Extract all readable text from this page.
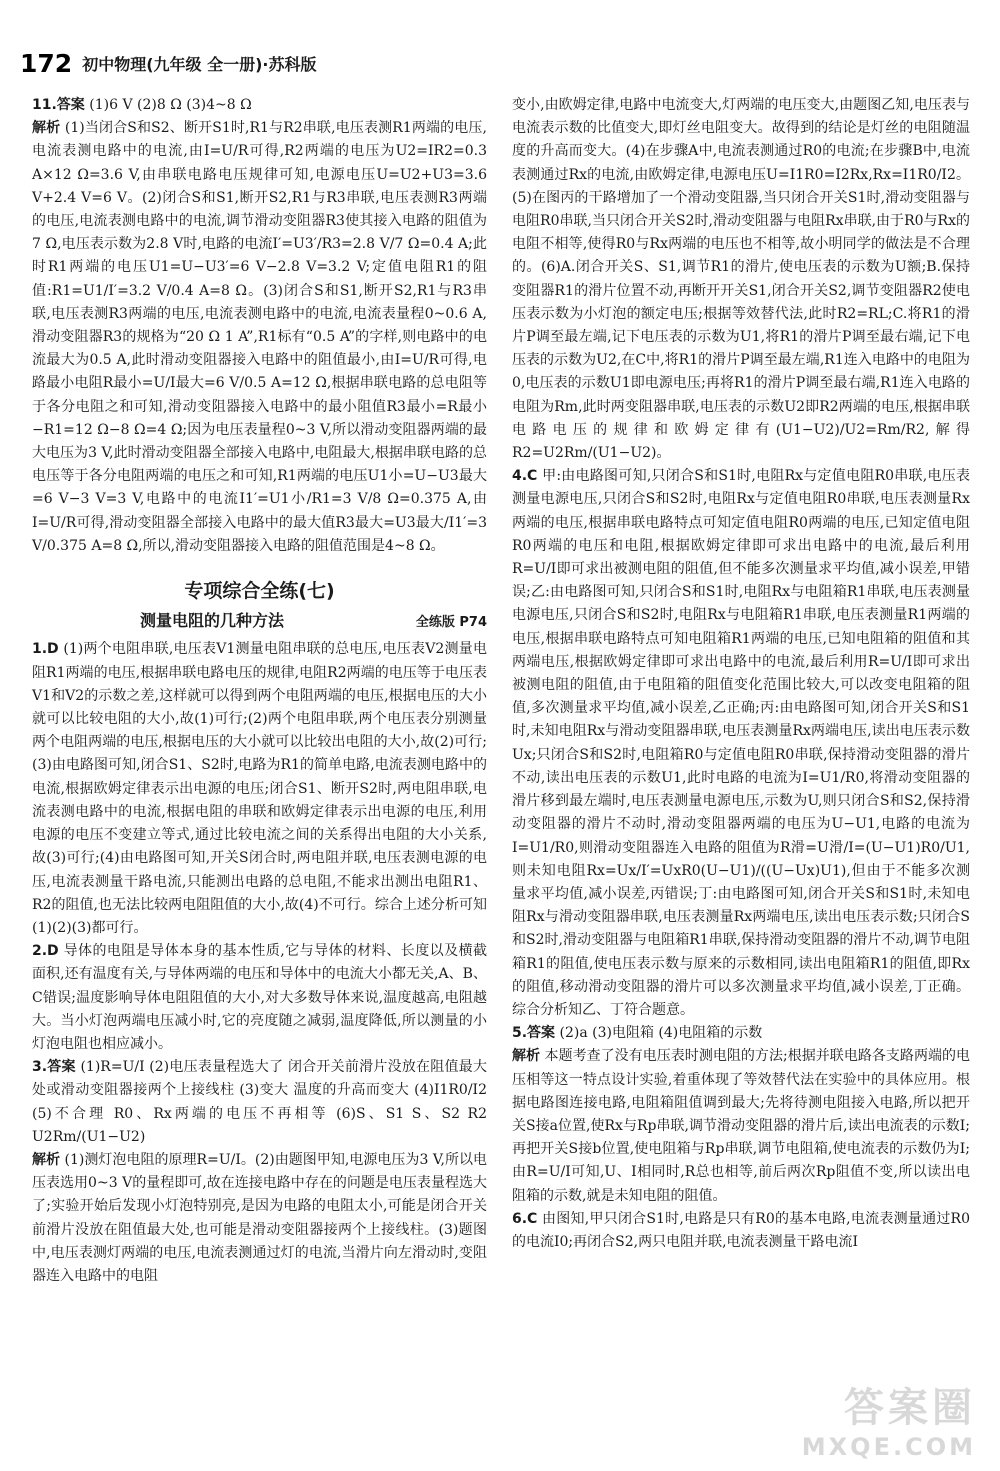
172 初中物理(九年级 全一册)·苏科版

11.答案 (1)6 V (2)8 Ω (3)4~8 Ω

解析 (1)当闭合S和S2、断开S1时,R1与R2串联,电压表测R1两端的电压,电流表测电路中的电流,由I=U/R可得,R2两端的电压为U2=IR2=0.3 A×12 Ω=3.6 V,由串联电路电压规律可知,电源电压U=U2+U3=3.6 V+2.4 V=6 V。(2)闭合S和S1,断开S2,R1与R3串联,电压表测R3两端的电压,电流表测电路中的电流,调节滑动变阻器R3使其接入电路的阻值为7 Ω,电压表示数为2.8 V时,电路的电流I′=U3′/R3=2.8 V/7 Ω=0.4 A;此时R1两端的电压U1=U−U3′=6 V−2.8 V=3.2 V;定值电阻R1的阻值:R1=U1/I′=3.2 V/0.4 A=8 Ω。(3)闭合S和S1,断开S2,R1与R3串联,电压表测R3两端的电压,电流表测电路中的电流,电流表量程0~0.6 A,滑动变阻器R3的规格为“20 Ω 1 A”,R1标有“0.5 A”的字样,则电路中的电流最大为0.5 A,此时滑动变阻器接入电路中的阻值最小,由I=U/R可得,电路最小电阻R最小=U/I最大=6 V/0.5 A=12 Ω,根据串联电路的总电阻等于各分电阻之和可知,滑动变阻器接入电路中的最小阻值R3最小=R最小−R1=12 Ω−8 Ω=4 Ω;因为电压表量程0~3 V,所以滑动变阻器两端的最大电压为3 V,此时滑动变阻器全部接入电路中,电阻最大,根据串联电路的总电压等于各分电阻两端的电压之和可知,R1两端的电压U1小=U−U3最大=6 V−3 V=3 V,电路中的电流I1′=U1小/R1=3 V/8 Ω=0.375 A,由I=U/R可得,滑动变阻器全部接入电路中的最大值R3最大=U3最大/I1′=3 V/0.375 A=8 Ω,所以,滑动变阻器接入电路的阻值范围是4~8 Ω。

专项综合全练(七)
测量电阻的几种方法	全练版 P74

1.D (1)两个电阻串联,电压表V1测量电阻串联的总电压,电压表V2测量电阻R1两端的电压,根据串联电路电压的规律,电阻R2两端的电压等于电压表V1和V2的示数之差,这样就可以得到两个电阻两端的电压,根据电压的大小就可以比较电阻的大小,故(1)可行;(2)两个电阻串联,两个电压表分别测量两个电阻两端的电压,根据电压的大小就可以比较出电阻的大小,故(2)可行;(3)由电路图可知,闭合S1、S2时,电路为R1的简单电路,电流表测电路中的电流,根据欧姆定律表示出电源的电压;闭合S1、断开S2时,两电阻串联,电流表测电路中的电流,根据电阻的串联和欧姆定律表示出电源的电压,利用电源的电压不变建立等式,通过比较电流之间的关系得出电阻的大小关系,故(3)可行;(4)由电路图可知,开关S闭合时,两电阻并联,电压表测电源的电压,电流表测量干路电流,只能测出电路的总电阻,不能求出测出电阻R1、R2的阻值,也无法比较两电阻阻值的大小,故(4)不可行。综合上述分析可知(1)(2)(3)都可行。

2.D 导体的电阻是导体本身的基本性质,它与导体的材料、长度以及横截面积,还有温度有关,与导体两端的电压和导体中的电流大小都无关,A、B、C错误;温度影响导体电阻阻值的大小,对大多数导体来说,温度越高,电阻越大。当小灯泡两端电压减小时,它的亮度随之减弱,温度降低,所以测量的小灯泡电阻也相应减小。

3.答案 (1)R=U/I (2)电压表量程选大了 闭合开关前滑片没放在阻值最大处或滑动变阻器接两个上接线柱 (3)变大 温度的升高而变大 (4)I1R0/I2 (5)不合理 R0、Rx两端的电压不再相等 (6)S、S1 S、S2 R2 U2Rm/(U1−U2)

解析 (1)测灯泡电阻的原理R=U/I。(2)由题图甲知,电源电压为3 V,所以电压表选用0~3 V的量程即可,故在连接电路中存在的问题是电压表量程选大了;实验开始后发现小灯泡特别亮,是因为电路的电阻太小,可能是闭合开关前滑片没放在阻值最大处,也可能是滑动变阻器接两个上接线柱。(3)题图中,电压表测灯两端的电压,电流表测通过灯的电流,当滑片向左滑动时,变阻器连入电路中的电阻

变小,由欧姆定律,电路中电流变大,灯两端的电压变大,由题图乙知,电压表与电流表示数的比值变大,即灯丝电阻变大。故得到的结论是灯丝的电阻随温度的升高而变大。(4)在步骤A中,电流表测通过R0的电流;在步骤B中,电流表测通过Rx的电流,由欧姆定律,电源电压U=I1R0=I2Rx,Rx=I1R0/I2。(5)在图丙的干路增加了一个滑动变阻器,当只闭合开关S1时,滑动变阻器与电阻R0串联,当只闭合开关S2时,滑动变阻器与电阻Rx串联,由于R0与Rx的电阻不相等,使得R0与Rx两端的电压也不相等,故小明同学的做法是不合理的。(6)A.闭合开关S、S1,调节R1的滑片,使电压表的示数为U额;B.保持变阻器R1的滑片位置不动,再断开开关S1,闭合开关S2,调节变阻器R2使电压表示数为小灯泡的额定电压;根据等效替代法,此时R2=RL;C.将R1的滑片P调至最左端,记下电压表的示数为U1,将R1的滑片P调至最右端,记下电压表的示数为U2,在C中,将R1的滑片P调至最左端,R1连入电路中的电阻为0,电压表的示数U1即电源电压;再将R1的滑片P调至最右端,R1连入电路的电阻为Rm,此时两变阻器串联,电压表的示数U2即R2两端的电压,根据串联电路电压的规律和欧姆定律有(U1−U2)/U2=Rm/R2,解得R2=U2Rm/(U1−U2)。

4.C 甲:由电路图可知,只闭合S和S1时,电阻Rx与定值电阻R0串联,电压表测量电源电压,只闭合S和S2时,电阻Rx与定值电阻R0串联,电压表测量Rx两端的电压,根据串联电路特点可知定值电阻R0两端的电压,已知定值电阻R0两端的电压和电阻,根据欧姆定律即可求出电路中的电流,最后利用R=U/I即可求出被测电阻的阻值,但不能多次测量求平均值,减小误差,甲错误;乙:由电路图可知,只闭合S和S1时,电阻Rx与电阻箱R1串联,电压表测量电源电压,只闭合S和S2时,电阻Rx与电阻箱R1串联,电压表测量R1两端的电压,根据串联电路特点可知电阻箱R1两端的电压,已知电阻箱的阻值和其两端电压,根据欧姆定律即可求出电路中的电流,最后利用R=U/I即可求出被测电阻的阻值,由于电阻箱的阻值变化范围比较大,可以改变电阻箱的阻值,多次测量求平均值,减小误差,乙正确;丙:由电路图可知,闭合开关S和S1时,未知电阻Rx与滑动变阻器串联,电压表测量Rx两端电压,读出电压表示数Ux;只闭合S和S2时,电阻箱R0与定值电阻R0串联,保持滑动变阻器的滑片不动,读出电压表的示数U1,此时电路的电流为I=U1/R0,将滑动变阻器的滑片移到最左端时,电压表测量电源电压,示数为U,则只闭合S和S2,保持滑动变阻器的滑片不动时,滑动变阻器两端的电压为U−U1,电路的电流为I=U1/R0,则滑动变阻器连入电路的阻值为R滑=U滑/I=(U−U1)R0/U1,则未知电阻Rx=Ux/I′=UxR0(U−U1)/((U−Ux)U1),但由于不能多次测量求平均值,减小误差,丙错误;丁:由电路图可知,闭合开关S和S1时,未知电阻Rx与滑动变阻器串联,电压表测量Rx两端电压,读出电压表示数;只闭合S和S2时,滑动变阻器与电阻箱R1串联,保持滑动变阻器的滑片不动,调节电阻箱R1的阻值,使电压表示数与原来的示数相同,读出电阻箱R1的阻值,即Rx的阻值,移动滑动变阻器的滑片可以多次测量求平均值,减小误差,丁正确。综合分析知乙、丁符合题意。

5.答案 (2)a (3)电阻箱 (4)电阻箱的示数

解析 本题考查了没有电压表时测电阻的方法;根据并联电路各支路两端的电压相等这一特点设计实验,着重体现了等效替代法在实验中的具体应用。根据电路图连接电路,电阻箱阻值调到最大;先将待测电阻接入电路,所以把开关S接a位置,使Rx与Rp串联,调节滑动变阻器的滑片后,读出电流表的示数I;再把开关S接b位置,使电阻箱与Rp串联,调节电阻箱,使电流表的示数仍为I;由R=U/I可知,U、I相同时,R总也相等,前后两次Rp阻值不变,所以读出电阻箱的示数,就是未知电阻的阻值。

6.C 由图知,甲只闭合S1时,电路是只有R0的基本电路,电流表测量通过R0的电流I0;再闭合S2,两只电阻并联,电流表测量干路电流I

答案圈
MXQE.COM
